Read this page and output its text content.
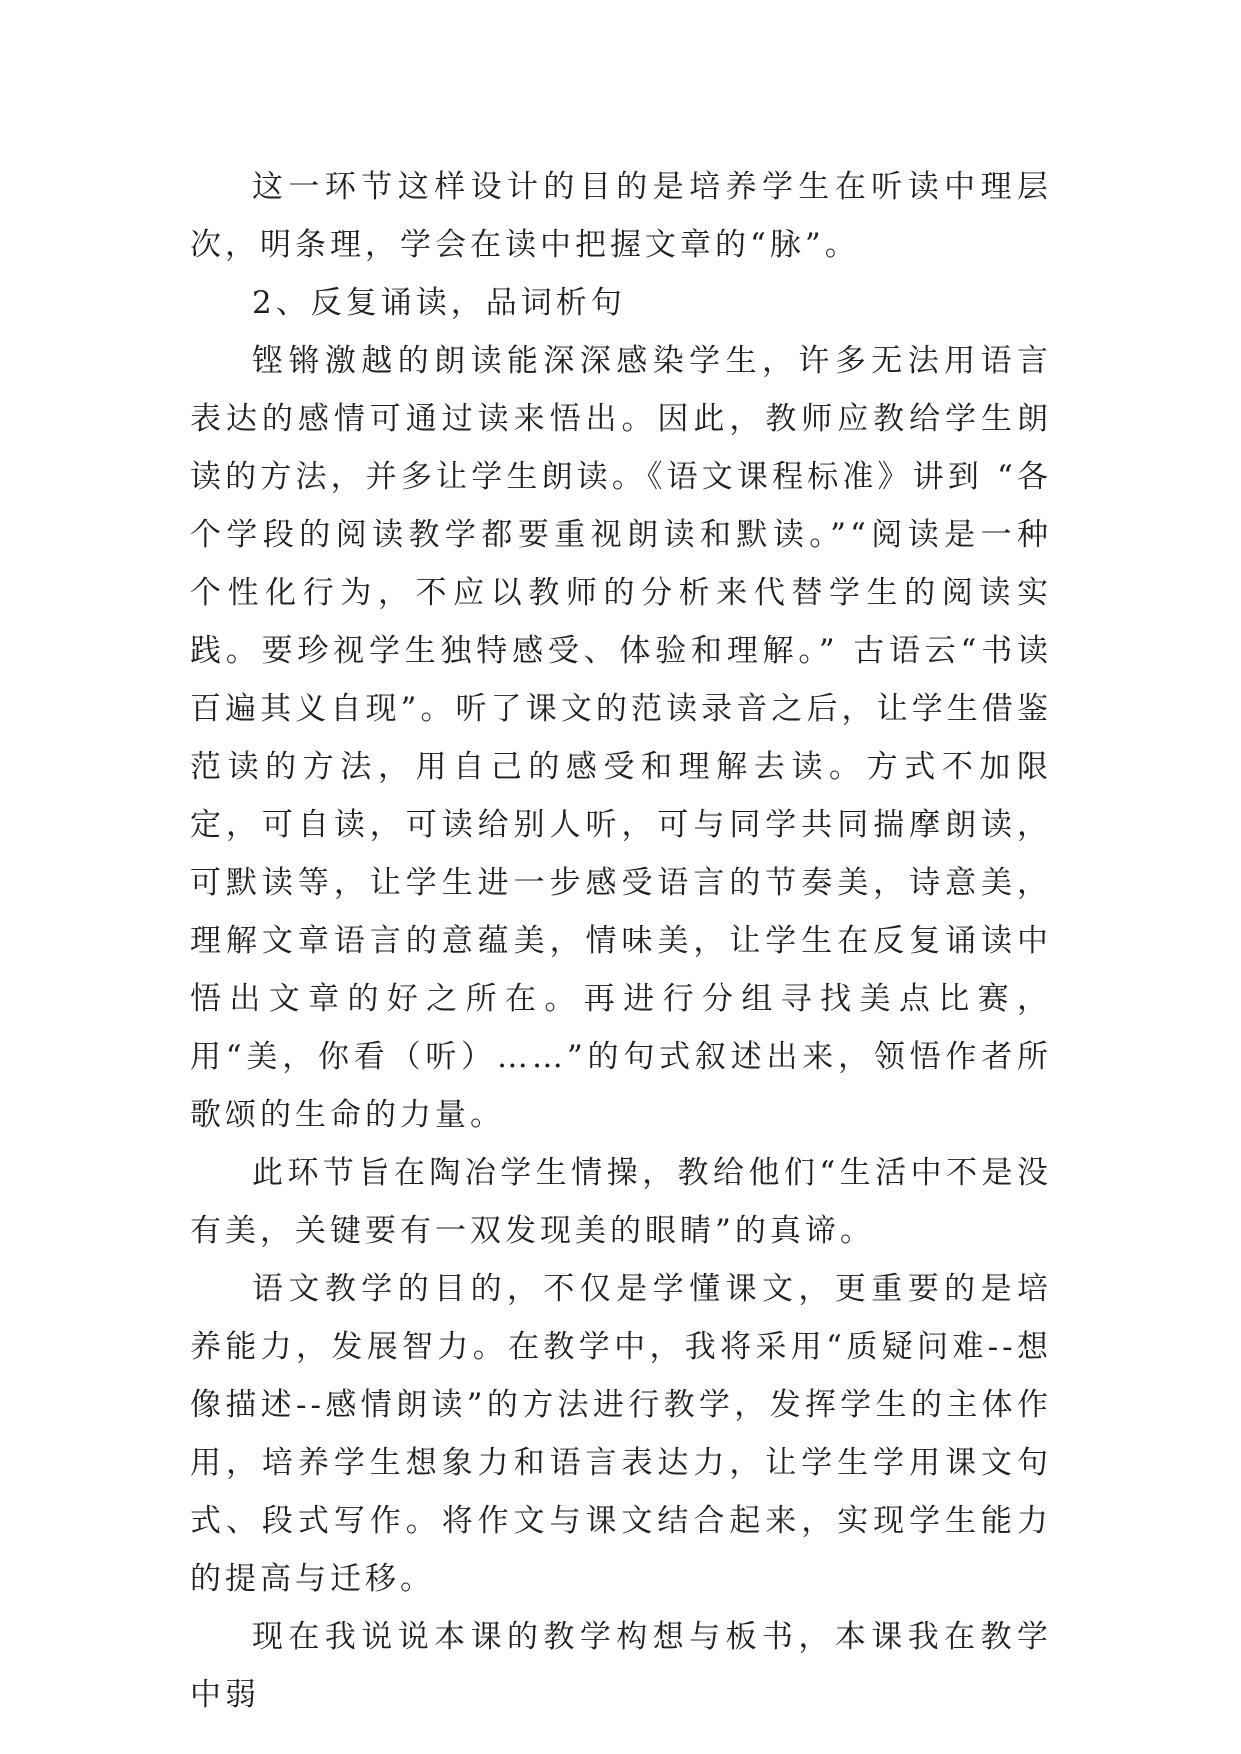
这一环节这样设计的目的是培养学生在听读中理层次，明条理，学会在读中把握文章的“脉”。

2、反复诵读，品词析句

铿锵激越的朗读能深深感染学生，许多无法用语言表达的感情可通过读来悟出。因此，教师应教给学生朗读的方法，并多让学生朗读。《语文课程标准》讲到 “各个学段的阅读教学都要重视朗读和默读。”“阅读是一种个性化行为，不应以教师的分析来代替学生的阅读实践。要珍视学生独特感受、体验和理解。” 古语云“书读百遍其义自现”。听了课文的范读录音之后，让学生借鉴范读的方法，用自己的感受和理解去读。方式不加限定，可自读，可读给别人听，可与同学共同揣摩朗读，可默读等，让学生进一步感受语言的节奏美，诗意美，理解文章语言的意蕴美，情味美，让学生在反复诵读中悟出文章的好之所在。再进行分组寻找美点比赛，用“美，你看（听）……”的句式叙述出来，领悟作者所歌颂的生命的力量。

此环节旨在陶冶学生情操，教给他们“生活中不是没有美，关键要有一双发现美的眼睛”的真谛。

语文教学的目的，不仅是学懂课文，更重要的是培养能力，发展智力。在教学中，我将采用“质疑问难--想像描述--感情朗读”的方法进行教学，发挥学生的主体作用，培养学生想象力和语言表达力，让学生学用课文句式、段式写作。将作文与课文结合起来，实现学生能力的提高与迁移。

现在我说说本课的教学构想与板书，本课我在教学中弱
